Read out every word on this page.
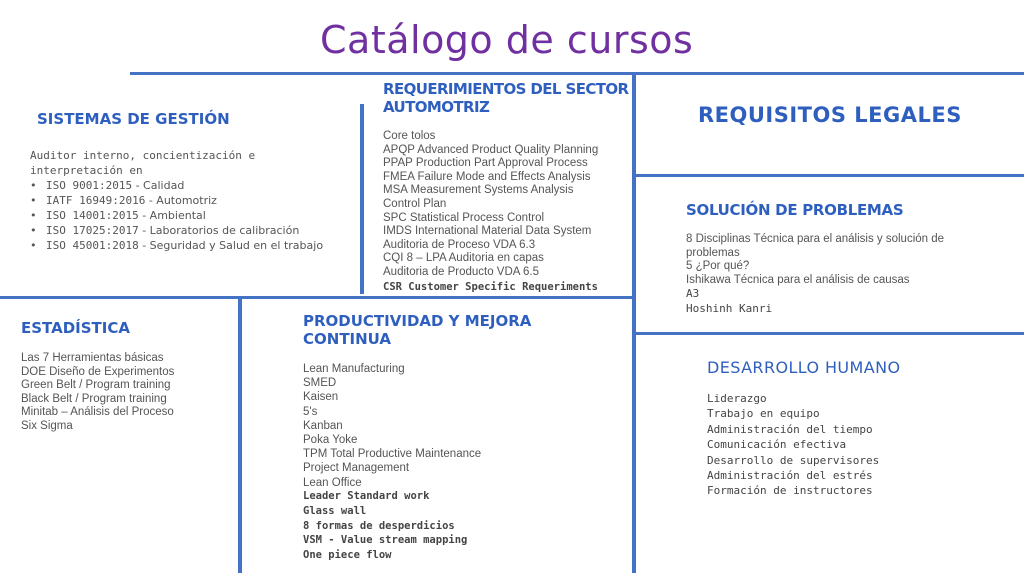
Catálogo de cursos
SISTEMAS DE GESTIÓN
Auditor interno, concientización e
interpretación en
• ISO 9001:2015 - Calidad
• IATF 16949:2016 - Automotriz
• ISO 14001:2015 - Ambiental
• ISO 17025:2017 - Laboratorios de calibración
• ISO 45001:2018 - Seguridad y Salud en el trabajo
REQUERIMIENTOS DEL SECTOR
AUTOMOTRIZ
Core tolos
APQP Advanced Product Quality Planning
PPAP Production Part Approval Process
FMEA Failure Mode and Effects Analysis
MSA Measurement Systems Analysis
Control Plan
SPC Statistical Process Control
IMDS International Material Data System
Auditoria de Proceso VDA 6.3
CQI 8 – LPA Auditoria en capas
Auditoria de Producto VDA 6.5
CSR Customer Specific Requeriments
REQUISITOS LEGALES
SOLUCIÓN DE PROBLEMAS
8 Disciplinas Técnica para el análisis y solución de
problemas
5 ¿Por qué?
Ishikawa Técnica para el análisis de causas
A3
Hoshinh Kanri
ESTADÍSTICA
Las 7 Herramientas básicas
DOE Diseño de Experimentos
Green Belt / Program training
Black Belt / Program training
Minitab – Análisis del Proceso
Six Sigma
PRODUCTIVIDAD Y MEJORA
CONTINUA
Lean Manufacturing
SMED
Kaisen
5's
Kanban
Poka Yoke
TPM Total Productive Maintenance
Project Management
Lean Office
Leader Standard work
Glass wall
8 formas de desperdicios
VSM - Value stream mapping
One piece flow
DESARROLLO HUMANO
Liderazgo
Trabajo en equipo
Administración del tiempo
Comunicación efectiva
Desarrollo de supervisores
Administración del estrés
Formación de instructores
